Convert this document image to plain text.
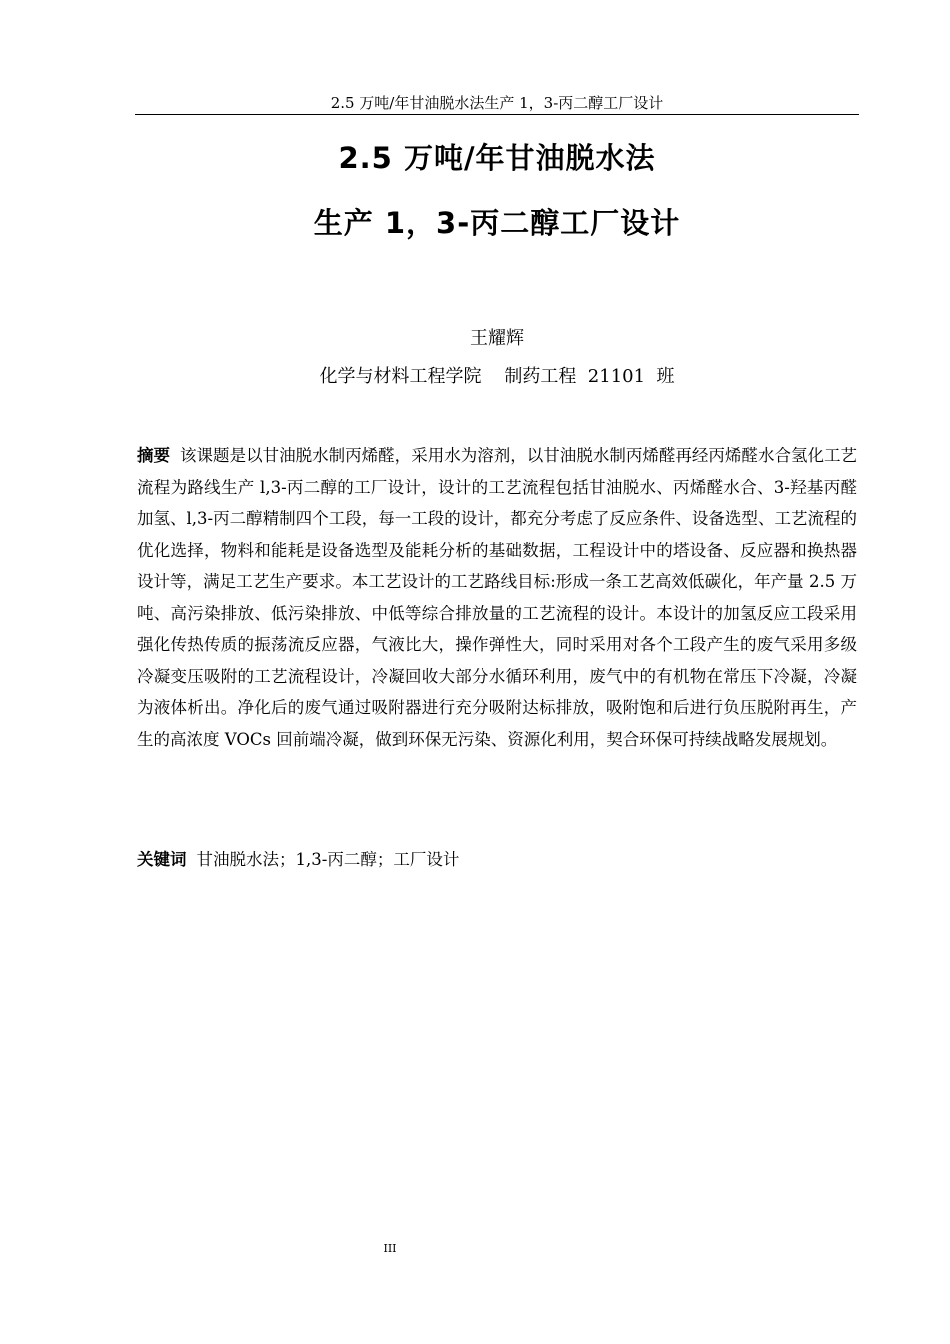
2.5 万吨/年甘油脱水法生产 1，3-丙二醇工厂设计
2.5 万吨/年甘油脱水法
生产 1，3-丙二醇工厂设计
王耀辉
化学与材料工程学院    制药工程  21101  班

摘要 该课题是以甘油脱水制丙烯醛，采用水为溶剂，以甘油脱水制丙烯醛再经丙烯醛水合氢化工艺流程为路线生产 l,3-丙二醇的工厂设计，设计的工艺流程包括甘油脱水、丙烯醛水合、3-羟基丙醛加氢、l,3-丙二醇精制四个工段，每一工段的设计，都充分考虑了反应条件、设备选型、工艺流程的优化选择，物料和能耗是设备选型及能耗分析的基础数据，工程设计中的塔设备、反应器和换热器设计等，满足工艺生产要求。本工艺设计的工艺路线目标:形成一条工艺高效低碳化，年产量 2.5 万吨、高污染排放、低污染排放、中低等综合排放量的工艺流程的设计。本设计的加氢反应工段采用强化传热传质的振荡流反应器，气液比大，操作弹性大，同时采用对各个工段产生的废气采用多级冷凝变压吸附的工艺流程设计，冷凝回收大部分水循环利用，废气中的有机物在常压下冷凝，冷凝为液体析出。净化后的废气通过吸附器进行充分吸附达标排放，吸附饱和后进行负压脱附再生，产生的高浓度 VOCs 回前端冷凝，做到环保无污染、资源化利用，契合环保可持续战略发展规划。

关键词 甘油脱水法；1,3-丙二醇；工厂设计

III
